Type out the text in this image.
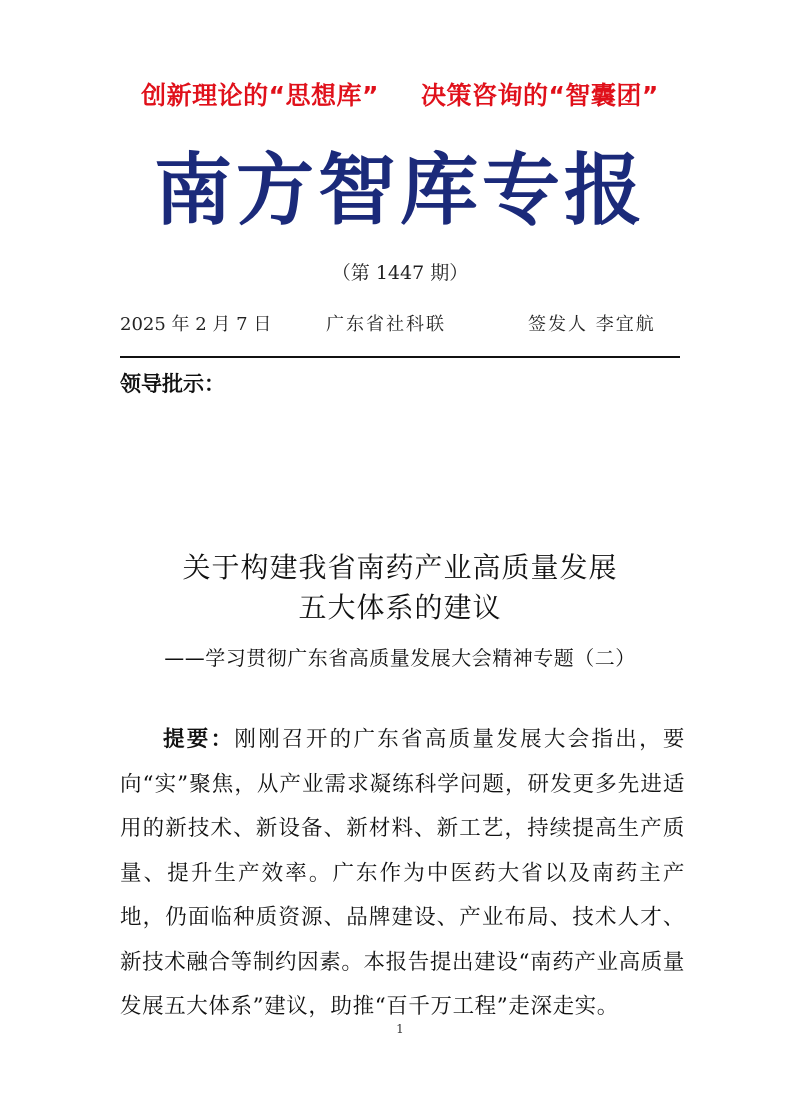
创新理论的“思想库” 决策咨询的“智囊团”
南方智库专报
（第 1447 期）
2025 年 2 月 7 日	广东省社科联	签发人 李宜航
领导批示：
关于构建我省南药产业高质量发展
五大体系的建议
——学习贯彻广东省高质量发展大会精神专题（二）
提要：刚刚召开的广东省高质量发展大会指出，要向“实”聚焦，从产业需求凝练科学问题，研发更多先进适用的新技术、新设备、新材料、新工艺，持续提高生产质量、提升生产效率。广东作为中医药大省以及南药主产地，仍面临种质资源、品牌建设、产业布局、技术人才、新技术融合等制约因素。本报告提出建设“南药产业高质量发展五大体系”建议，助推“百千万工程”走深走实。
1
